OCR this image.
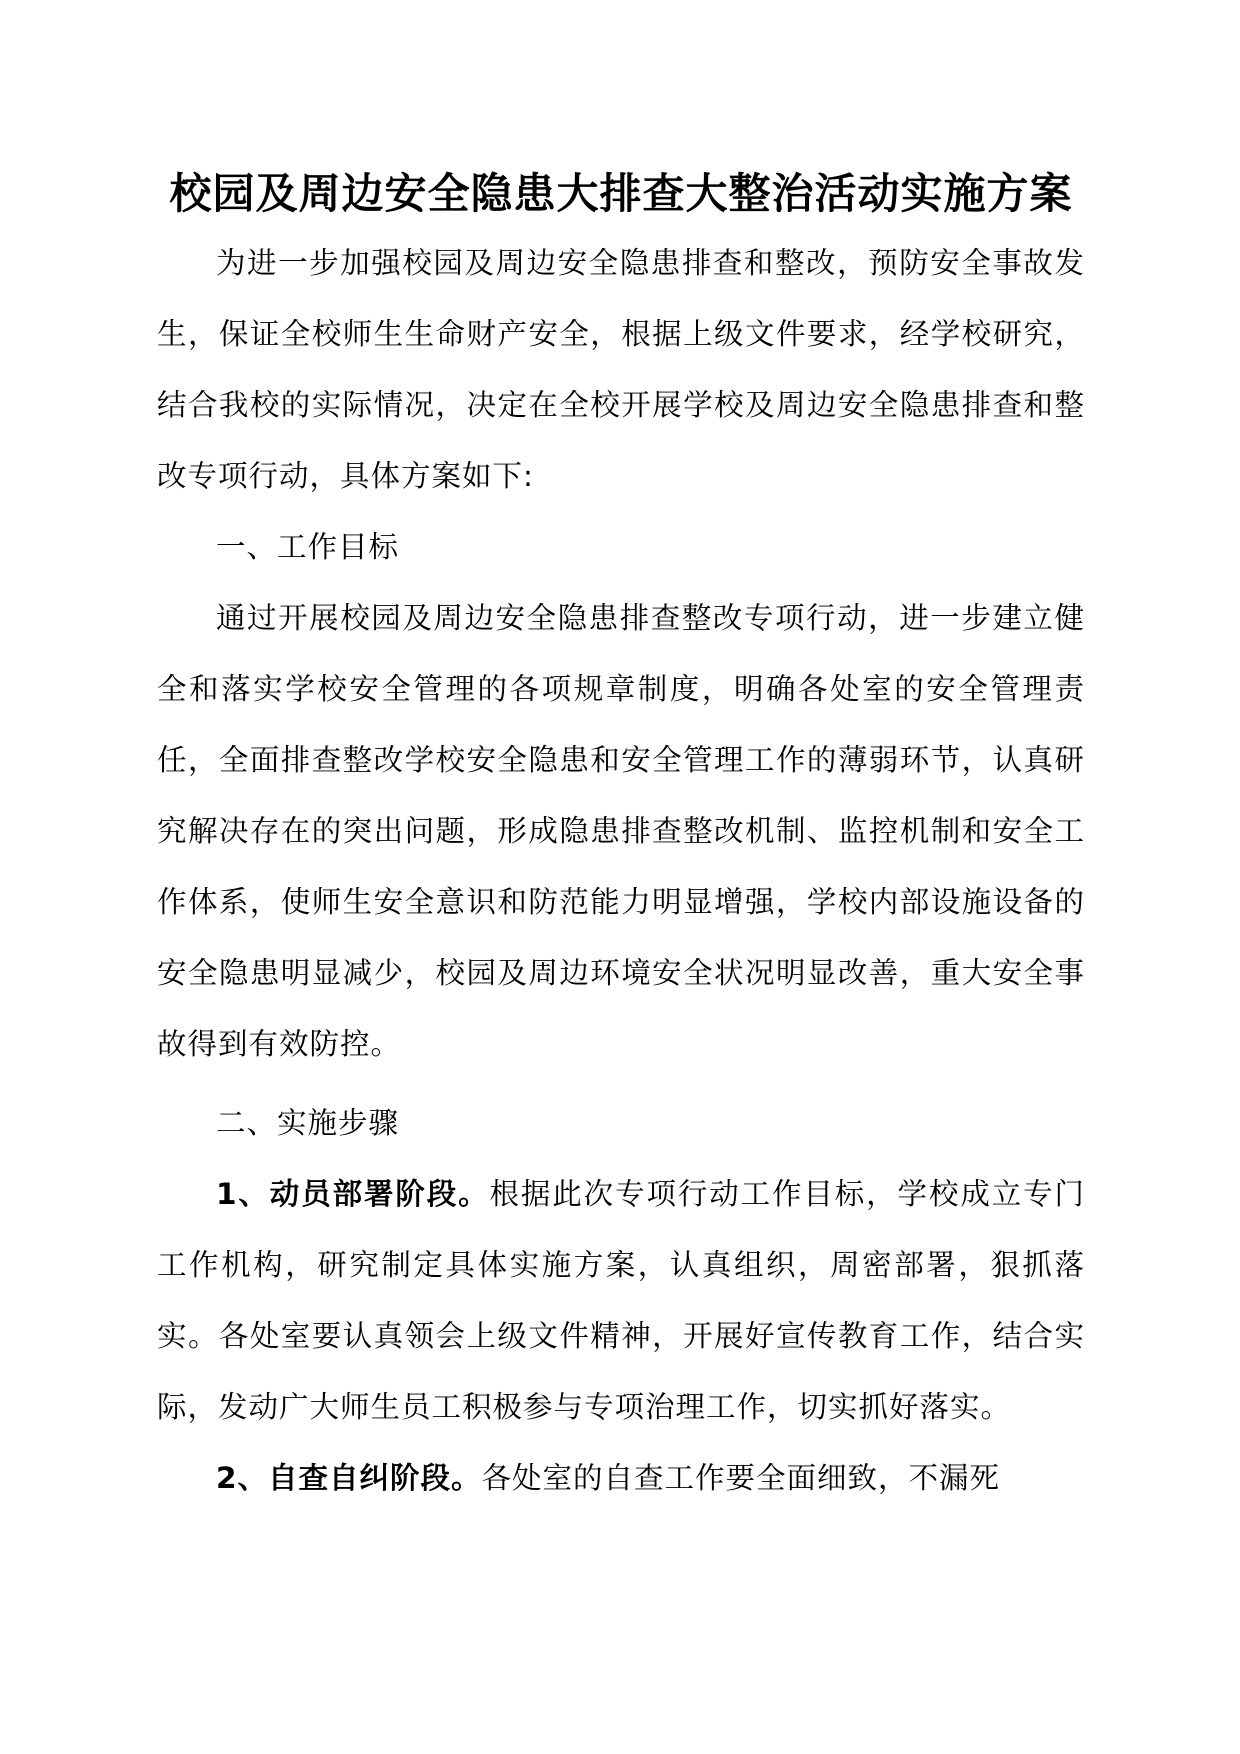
校园及周边安全隐患大排查大整治活动实施方案

为进一步加强校园及周边安全隐患排查和整改，预防安全事故发生，保证全校师生生命财产安全，根据上级文件要求，经学校研究，结合我校的实际情况，决定在全校开展学校及周边安全隐患排查和整改专项行动，具体方案如下:

一、工作目标

通过开展校园及周边安全隐患排查整改专项行动，进一步建立健全和落实学校安全管理的各项规章制度，明确各处室的安全管理责任，全面排查整改学校安全隐患和安全管理工作的薄弱环节，认真研究解决存在的突出问题，形成隐患排查整改机制、监控机制和安全工作体系，使师生安全意识和防范能力明显增强，学校内部设施设备的安全隐患明显减少，校园及周边环境安全状况明显改善，重大安全事故得到有效防控。

二、实施步骤

1、动员部署阶段。根据此次专项行动工作目标，学校成立专门工作机构，研究制定具体实施方案，认真组织，周密部署，狠抓落实。各处室要认真领会上级文件精神，开展好宣传教育工作，结合实际，发动广大师生员工积极参与专项治理工作，切实抓好落实。

2、自查自纠阶段。各处室的自查工作要全面细致，不漏死
